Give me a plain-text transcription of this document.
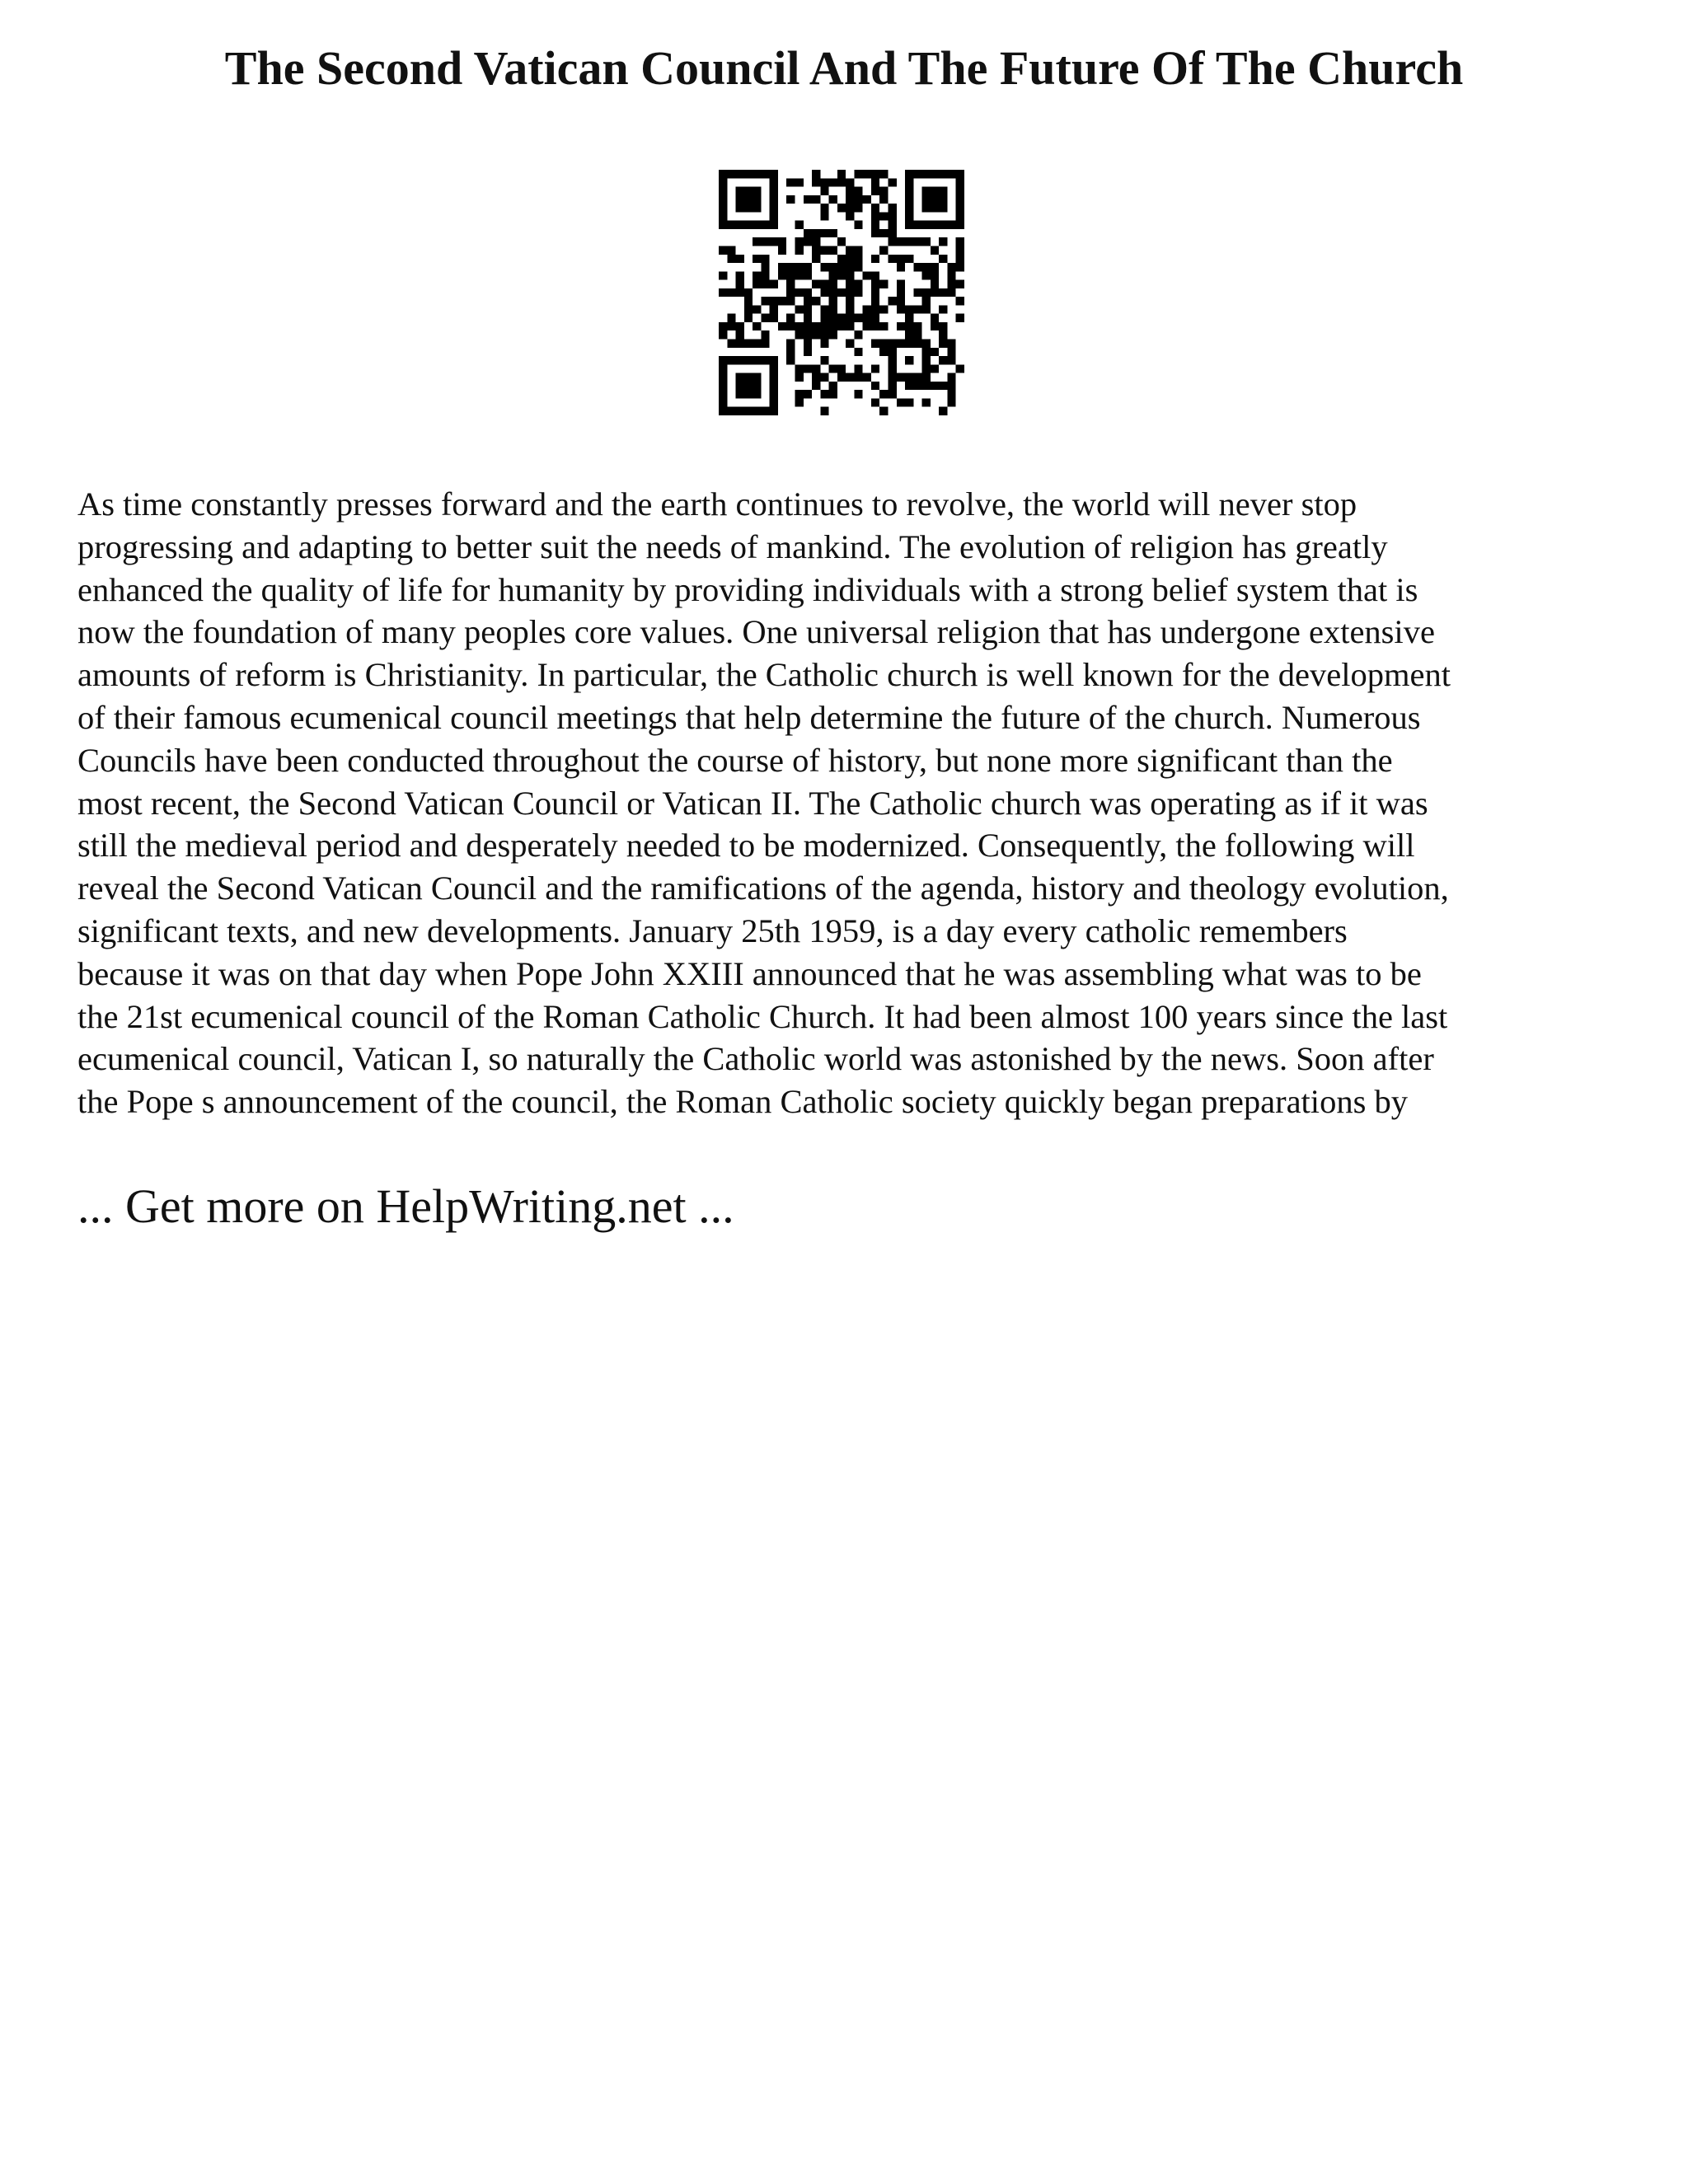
The Second Vatican Council And The Future Of The Church
As time constantly presses forward and the earth continues to revolve, the world will never stop
progressing and adapting to better suit the needs of mankind. The evolution of religion has greatly
enhanced the quality of life for humanity by providing individuals with a strong belief system that is
now the foundation of many peoples core values. One universal religion that has undergone extensive
amounts of reform is Christianity. In particular, the Catholic church is well known for the development
of their famous ecumenical council meetings that help determine the future of the church. Numerous
Councils have been conducted throughout the course of history, but none more significant than the
most recent, the Second Vatican Council or Vatican II. The Catholic church was operating as if it was
still the medieval period and desperately needed to be modernized. Consequently, the following will
reveal the Second Vatican Council and the ramifications of the agenda, history and theology evolution,
significant texts, and new developments. January 25th 1959, is a day every catholic remembers
because it was on that day when Pope John XXIII announced that he was assembling what was to be
the 21st ecumenical council of the Roman Catholic Church. It had been almost 100 years since the last
ecumenical council, Vatican I, so naturally the Catholic world was astonished by the news. Soon after
the Pope s announcement of the council, the Roman Catholic society quickly began preparations by

... Get more on HelpWriting.net ...
